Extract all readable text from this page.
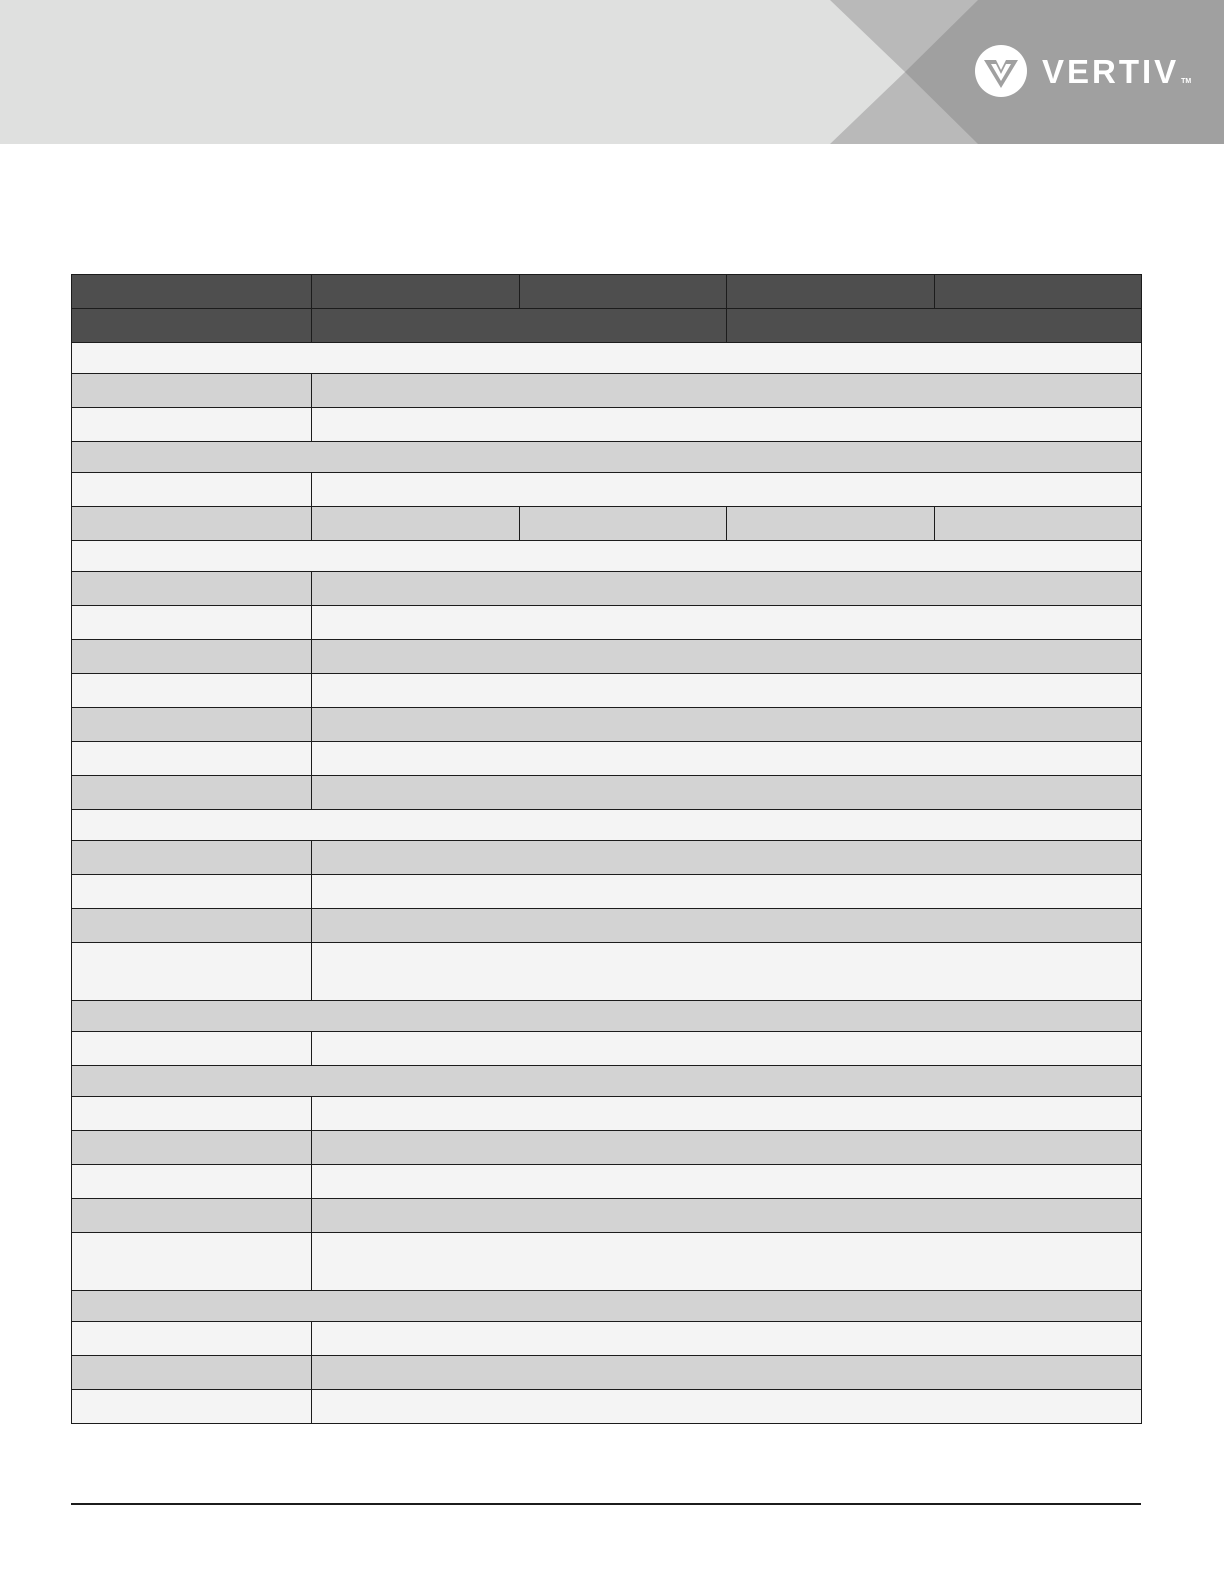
VERTIV TM
